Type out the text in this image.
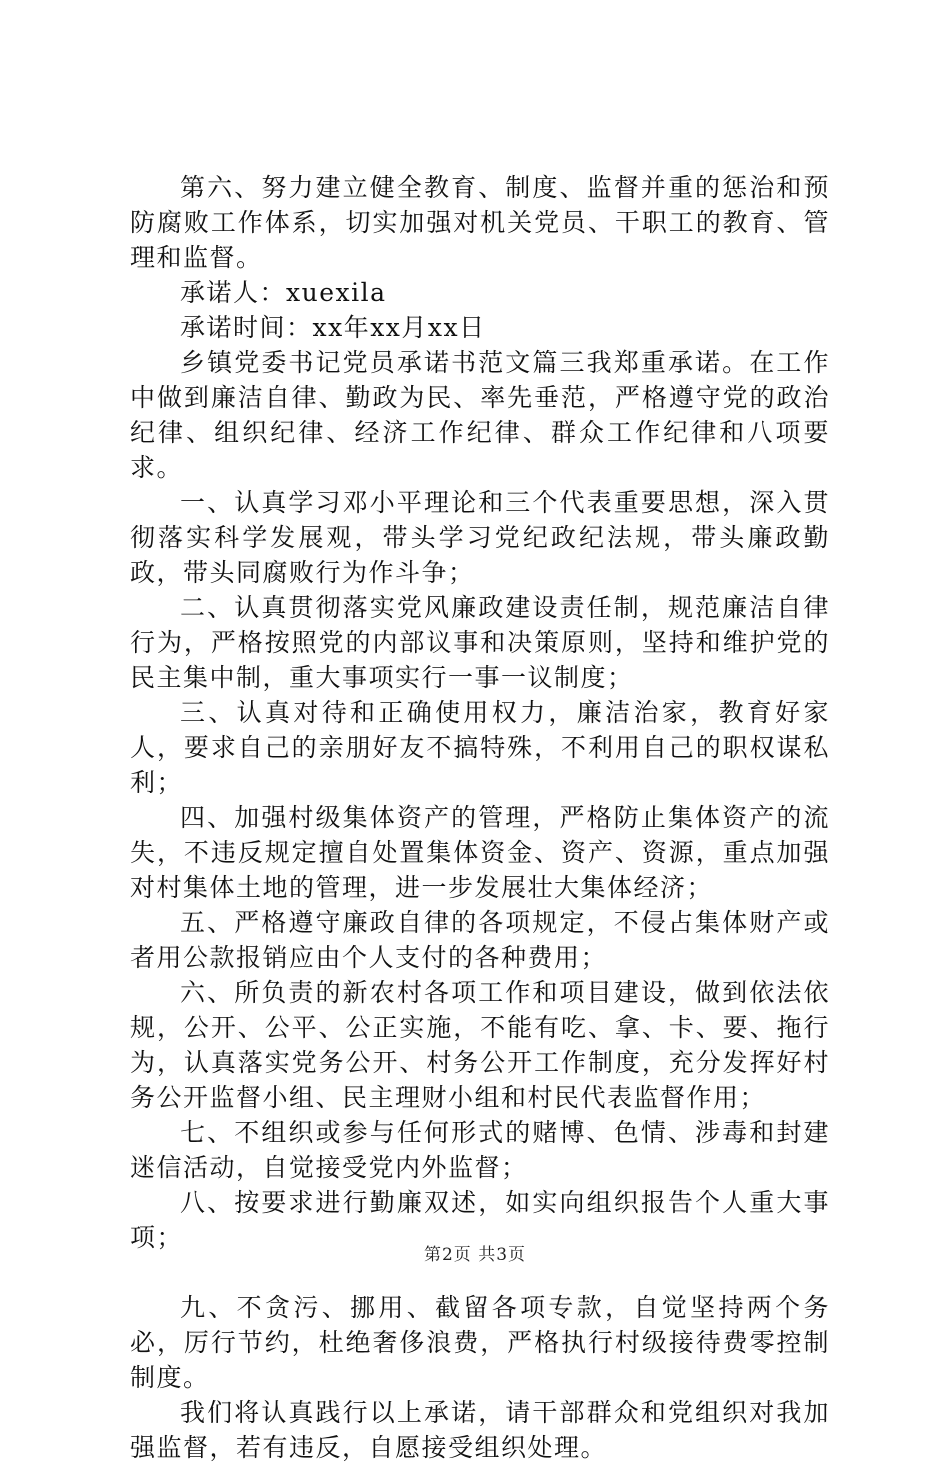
第六、努力建立健全教育、制度、监督并重的惩治和预防腐败工作体系，切实加强对机关党员、干职工的教育、管理和监督。

承诺人：xuexila

承诺时间：xx年xx月xx日

乡镇党委书记党员承诺书范文篇三我郑重承诺。在工作中做到廉洁自律、勤政为民、率先垂范，严格遵守党的政治纪律、组织纪律、经济工作纪律、群众工作纪律和八项要求。

一、认真学习邓小平理论和三个代表重要思想，深入贯彻落实科学发展观，带头学习党纪政纪法规，带头廉政勤政，带头同腐败行为作斗争；

二、认真贯彻落实党风廉政建设责任制，规范廉洁自律行为，严格按照党的内部议事和决策原则，坚持和维护党的民主集中制，重大事项实行一事一议制度；

三、认真对待和正确使用权力，廉洁治家，教育好家人，要求自己的亲朋好友不搞特殊，不利用自己的职权谋私利；

四、加强村级集体资产的管理，严格防止集体资产的流失，不违反规定擅自处置集体资金、资产、资源，重点加强对村集体土地的管理，进一步发展壮大集体经济；

五、严格遵守廉政自律的各项规定，不侵占集体财产或者用公款报销应由个人支付的各种费用；

六、所负责的新农村各项工作和项目建设，做到依法依规，公开、公平、公正实施，不能有吃、拿、卡、要、拖行为，认真落实党务公开、村务公开工作制度，充分发挥好村务公开监督小组、民主理财小组和村民代表监督作用；

七、不组织或参与任何形式的赌博、色情、涉毒和封建迷信活动，自觉接受党内外监督；

八、按要求进行勤廉双述，如实向组织报告个人重大事项；

九、不贪污、挪用、截留各项专款，自觉坚持两个务必，厉行节约，杜绝奢侈浪费，严格执行村级接待费零控制制度。

我们将认真践行以上承诺，请干部群众和党组织对我加强监督，若有违反，自愿接受组织处理。

第2页 共3页
